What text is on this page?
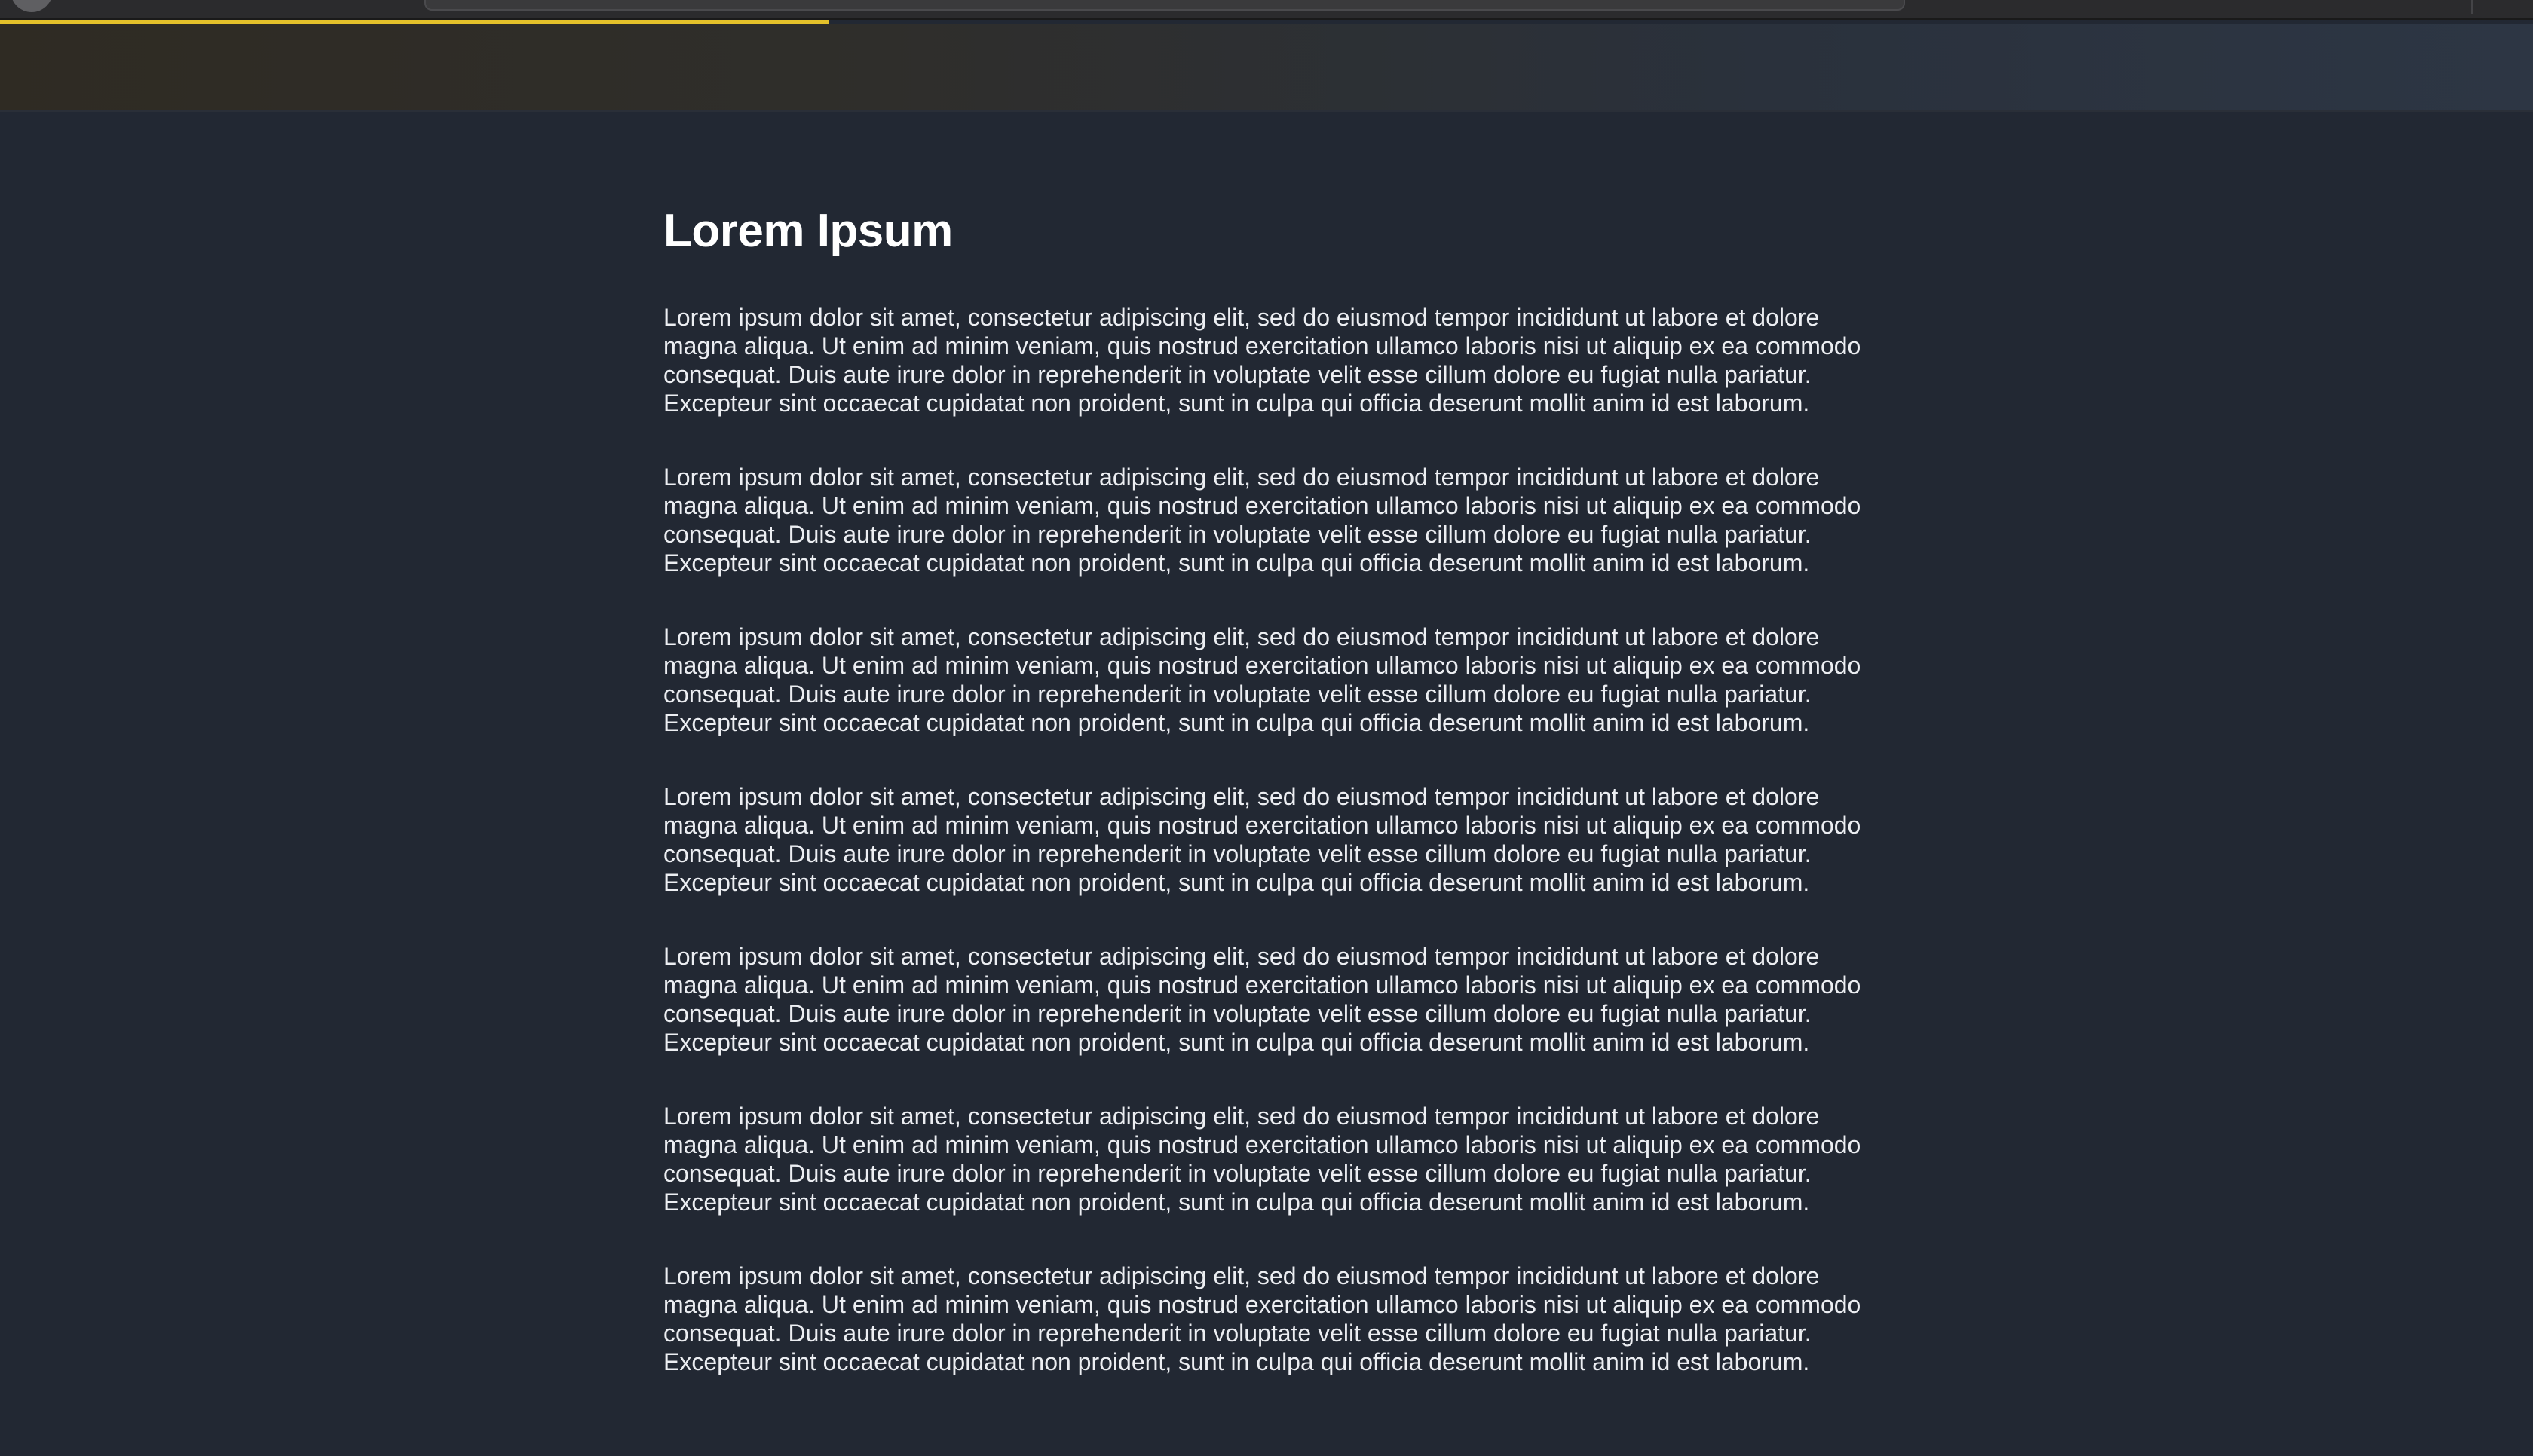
Lorem Ipsum

Lorem ipsum dolor sit amet, consectetur adipiscing elit, sed do eiusmod tempor incididunt ut labore et dolore magna aliqua. Ut enim ad minim veniam, quis nostrud exercitation ullamco laboris nisi ut aliquip ex ea commodo consequat. Duis aute irure dolor in reprehenderit in voluptate velit esse cillum dolore eu fugiat nulla pariatur. Excepteur sint occaecat cupidatat non proident, sunt in culpa qui officia deserunt mollit anim id est laborum.

Lorem ipsum dolor sit amet, consectetur adipiscing elit, sed do eiusmod tempor incididunt ut labore et dolore magna aliqua. Ut enim ad minim veniam, quis nostrud exercitation ullamco laboris nisi ut aliquip ex ea commodo consequat. Duis aute irure dolor in reprehenderit in voluptate velit esse cillum dolore eu fugiat nulla pariatur. Excepteur sint occaecat cupidatat non proident, sunt in culpa qui officia deserunt mollit anim id est laborum.

Lorem ipsum dolor sit amet, consectetur adipiscing elit, sed do eiusmod tempor incididunt ut labore et dolore magna aliqua. Ut enim ad minim veniam, quis nostrud exercitation ullamco laboris nisi ut aliquip ex ea commodo consequat. Duis aute irure dolor in reprehenderit in voluptate velit esse cillum dolore eu fugiat nulla pariatur. Excepteur sint occaecat cupidatat non proident, sunt in culpa qui officia deserunt mollit anim id est laborum.

Lorem ipsum dolor sit amet, consectetur adipiscing elit, sed do eiusmod tempor incididunt ut labore et dolore magna aliqua. Ut enim ad minim veniam, quis nostrud exercitation ullamco laboris nisi ut aliquip ex ea commodo consequat. Duis aute irure dolor in reprehenderit in voluptate velit esse cillum dolore eu fugiat nulla pariatur. Excepteur sint occaecat cupidatat non proident, sunt in culpa qui officia deserunt mollit anim id est laborum.

Lorem ipsum dolor sit amet, consectetur adipiscing elit, sed do eiusmod tempor incididunt ut labore et dolore magna aliqua. Ut enim ad minim veniam, quis nostrud exercitation ullamco laboris nisi ut aliquip ex ea commodo consequat. Duis aute irure dolor in reprehenderit in voluptate velit esse cillum dolore eu fugiat nulla pariatur. Excepteur sint occaecat cupidatat non proident, sunt in culpa qui officia deserunt mollit anim id est laborum.

Lorem ipsum dolor sit amet, consectetur adipiscing elit, sed do eiusmod tempor incididunt ut labore et dolore magna aliqua. Ut enim ad minim veniam, quis nostrud exercitation ullamco laboris nisi ut aliquip ex ea commodo consequat. Duis aute irure dolor in reprehenderit in voluptate velit esse cillum dolore eu fugiat nulla pariatur. Excepteur sint occaecat cupidatat non proident, sunt in culpa qui officia deserunt mollit anim id est laborum.

Lorem ipsum dolor sit amet, consectetur adipiscing elit, sed do eiusmod tempor incididunt ut labore et dolore magna aliqua. Ut enim ad minim veniam, quis nostrud exercitation ullamco laboris nisi ut aliquip ex ea commodo consequat. Duis aute irure dolor in reprehenderit in voluptate velit esse cillum dolore eu fugiat nulla pariatur. Excepteur sint occaecat cupidatat non proident, sunt in culpa qui officia deserunt mollit anim id est laborum.
